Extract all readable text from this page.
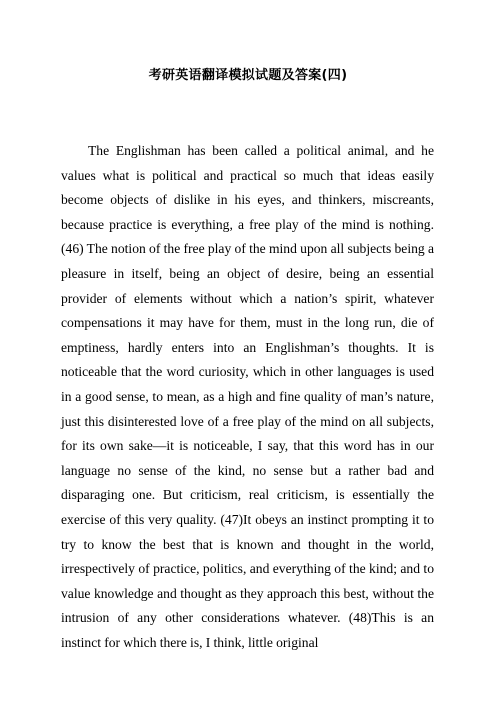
考研英语翻译模拟试题及答案(四)

The Englishman has been called a political animal, and he values what is political and practical so much that ideas easily become objects of dislike in his eyes, and thinkers, miscreants, because practice is everything, a free play of the mind is nothing.(46) The notion of the free play of the mind upon all subjects being a pleasure in itself, being an object of desire, being an essential provider of elements without which a nation’s spirit, whatever compensations it may have for them, must in the long run, die of emptiness, hardly enters into an Englishman’s thoughts. It is noticeable that the word curiosity, which in other languages is used in a good sense, to mean, as a high and fine quality of man’s nature, just this disinterested love of a free play of the mind on all subjects, for its own sake—it is noticeable, I say, that this word has in our language no sense of the kind, no sense but a rather bad and disparaging one. But criticism, real criticism, is essentially the exercise of this very quality. (47)It obeys an instinct prompting it to try to know the best that is known and thought in the world, irrespectively of practice, politics, and everything of the kind; and to value knowledge and thought as they approach this best, without the intrusion of any other considerations whatever. (48)This is an instinct for which there is, I think, little original
